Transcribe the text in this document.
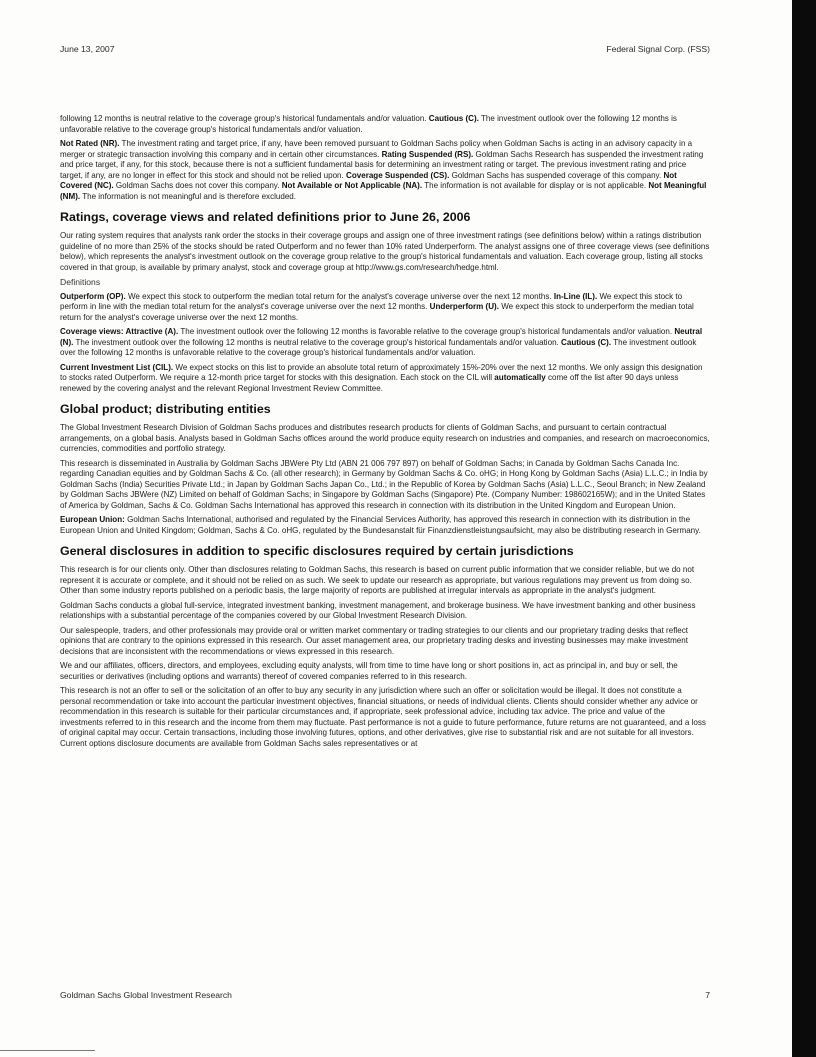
June 13, 2007	Federal Signal Corp. (FSS)

following 12 months is neutral relative to the coverage group's historical fundamentals and/or valuation. Cautious (C). The investment outlook over the following 12 months is unfavorable relative to the coverage group's historical fundamentals and/or valuation.

Not Rated (NR). The investment rating and target price, if any, have been removed pursuant to Goldman Sachs policy when Goldman Sachs is acting in an advisory capacity in a merger or strategic transaction involving this company and in certain other circumstances. Rating Suspended (RS). Goldman Sachs Research has suspended the investment rating and price target, if any, for this stock, because there is not a sufficient fundamental basis for determining an investment rating or target. The previous investment rating and price target, if any, are no longer in effect for this stock and should not be relied upon. Coverage Suspended (CS). Goldman Sachs has suspended coverage of this company. Not Covered (NC). Goldman Sachs does not cover this company. Not Available or Not Applicable (NA). The information is not available for display or is not applicable. Not Meaningful (NM). The information is not meaningful and is therefore excluded.

Ratings, coverage views and related definitions prior to June 26, 2006

Our rating system requires that analysts rank order the stocks in their coverage groups and assign one of three investment ratings (see definitions below) within a ratings distribution guideline of no more than 25% of the stocks should be rated Outperform and no fewer than 10% rated Underperform. The analyst assigns one of three coverage views (see definitions below), which represents the analyst's investment outlook on the coverage group relative to the group's historical fundamentals and valuation. Each coverage group, listing all stocks covered in that group, is available by primary analyst, stock and coverage group at http://www.gs.com/research/hedge.html.

Definitions

Outperform (OP). We expect this stock to outperform the median total return for the analyst's coverage universe over the next 12 months. In-Line (IL). We expect this stock to perform in line with the median total return for the analyst's coverage universe over the next 12 months. Underperform (U). We expect this stock to underperform the median total return for the analyst's coverage universe over the next 12 months.

Coverage views: Attractive (A). The investment outlook over the following 12 months is favorable relative to the coverage group's historical fundamentals and/or valuation. Neutral (N). The investment outlook over the following 12 months is neutral relative to the coverage group's historical fundamentals and/or valuation. Cautious (C). The investment outlook over the following 12 months is unfavorable relative to the coverage group's historical fundamentals and/or valuation.

Current Investment List (CIL). We expect stocks on this list to provide an absolute total return of approximately 15%-20% over the next 12 months. We only assign this designation to stocks rated Outperform. We require a 12-month price target for stocks with this designation. Each stock on the CIL will automatically come off the list after 90 days unless renewed by the covering analyst and the relevant Regional Investment Review Committee.

Global product; distributing entities

The Global Investment Research Division of Goldman Sachs produces and distributes research products for clients of Goldman Sachs, and pursuant to certain contractual arrangements, on a global basis. Analysts based in Goldman Sachs offices around the world produce equity research on industries and companies, and research on macroeconomics, currencies, commodities and portfolio strategy.

This research is disseminated in Australia by Goldman Sachs JBWere Pty Ltd (ABN 21 006 797 897) on behalf of Goldman Sachs; in Canada by Goldman Sachs Canada Inc. regarding Canadian equities and by Goldman Sachs & Co. (all other research); in Germany by Goldman Sachs & Co. oHG; in Hong Kong by Goldman Sachs (Asia) L.L.C.; in India by Goldman Sachs (India) Securities Private Ltd.; in Japan by Goldman Sachs Japan Co., Ltd.; in the Republic of Korea by Goldman Sachs (Asia) L.L.C., Seoul Branch; in New Zealand by Goldman Sachs JBWere (NZ) Limited on behalf of Goldman Sachs; in Singapore by Goldman Sachs (Singapore) Pte. (Company Number: 198602165W); and in the United States of America by Goldman, Sachs & Co. Goldman Sachs International has approved this research in connection with its distribution in the United Kingdom and European Union.

European Union: Goldman Sachs International, authorised and regulated by the Financial Services Authority, has approved this research in connection with its distribution in the European Union and United Kingdom; Goldman, Sachs & Co. oHG, regulated by the Bundesanstalt für Finanzdienstleistungsaufsicht, may also be distributing research in Germany.

General disclosures in addition to specific disclosures required by certain jurisdictions

This research is for our clients only. Other than disclosures relating to Goldman Sachs, this research is based on current public information that we consider reliable, but we do not represent it is accurate or complete, and it should not be relied on as such. We seek to update our research as appropriate, but various regulations may prevent us from doing so. Other than some industry reports published on a periodic basis, the large majority of reports are published at irregular intervals as appropriate in the analyst's judgment.

Goldman Sachs conducts a global full-service, integrated investment banking, investment management, and brokerage business. We have investment banking and other business relationships with a substantial percentage of the companies covered by our Global Investment Research Division.

Our salespeople, traders, and other professionals may provide oral or written market commentary or trading strategies to our clients and our proprietary trading desks that reflect opinions that are contrary to the opinions expressed in this research. Our asset management area, our proprietary trading desks and investing businesses may make investment decisions that are inconsistent with the recommendations or views expressed in this research.

We and our affiliates, officers, directors, and employees, excluding equity analysts, will from time to time have long or short positions in, act as principal in, and buy or sell, the securities or derivatives (including options and warrants) thereof of covered companies referred to in this research.

This research is not an offer to sell or the solicitation of an offer to buy any security in any jurisdiction where such an offer or solicitation would be illegal. It does not constitute a personal recommendation or take into account the particular investment objectives, financial situations, or needs of individual clients. Clients should consider whether any advice or recommendation in this research is suitable for their particular circumstances and, if appropriate, seek professional advice, including tax advice. The price and value of the investments referred to in this research and the income from them may fluctuate. Past performance is not a guide to future performance, future returns are not guaranteed, and a loss of original capital may occur. Certain transactions, including those involving futures, options, and other derivatives, give rise to substantial risk and are not suitable for all investors. Current options disclosure documents are available from Goldman Sachs sales representatives or at

Goldman Sachs Global Investment Research	7
